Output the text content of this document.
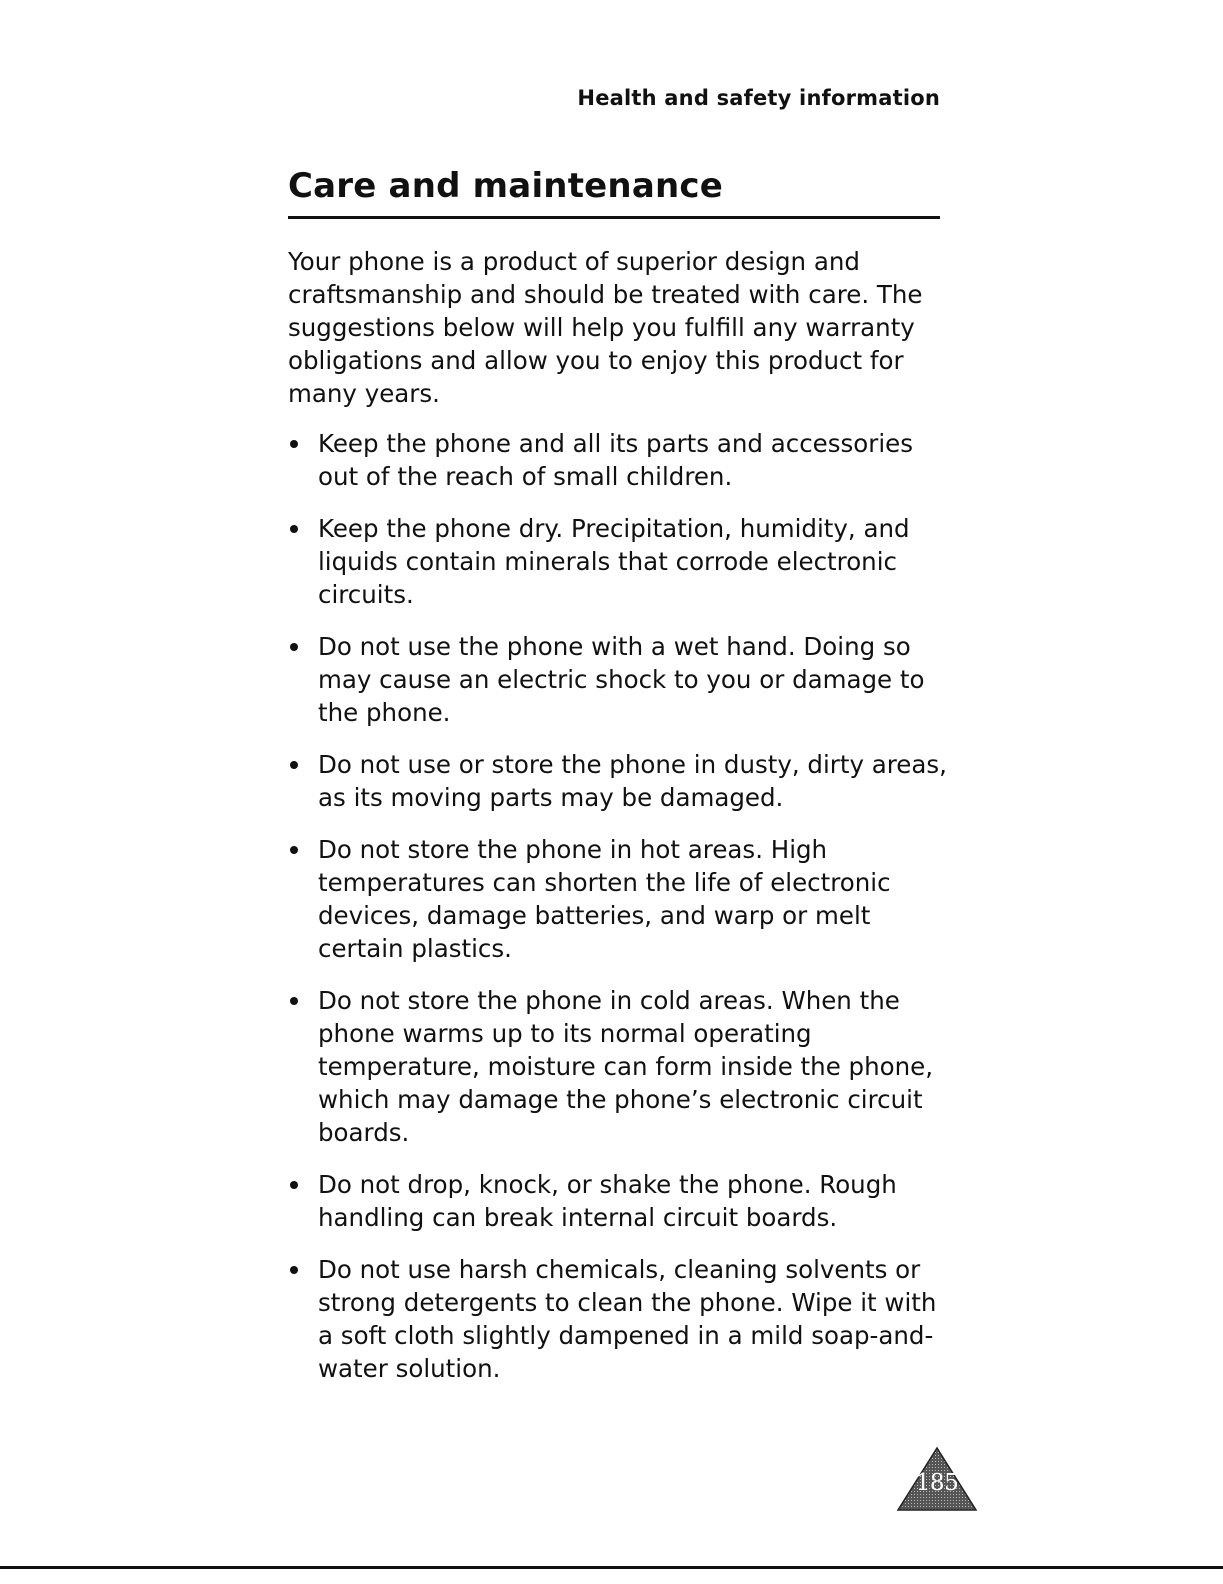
Health and safety information
Care and maintenance

Your phone is a product of superior design and craftsmanship and should be treated with care. The suggestions below will help you fulfill any warranty obligations and allow you to enjoy this product for many years.

Keep the phone and all its parts and accessories out of the reach of small children.
Keep the phone dry. Precipitation, humidity, and liquids contain minerals that corrode electronic circuits.
Do not use the phone with a wet hand. Doing so may cause an electric shock to you or damage to the phone.
Do not use or store the phone in dusty, dirty areas, as its moving parts may be damaged.
Do not store the phone in hot areas. High temperatures can shorten the life of electronic devices, damage batteries, and warp or melt certain plastics.
Do not store the phone in cold areas. When the phone warms up to its normal operating temperature, moisture can form inside the phone, which may damage the phone’s electronic circuit boards.
Do not drop, knock, or shake the phone. Rough handling can break internal circuit boards.
Do not use harsh chemicals, cleaning solvents or strong detergents to clean the phone. Wipe it with a soft cloth slightly dampened in a mild soap-and-water solution.
185
